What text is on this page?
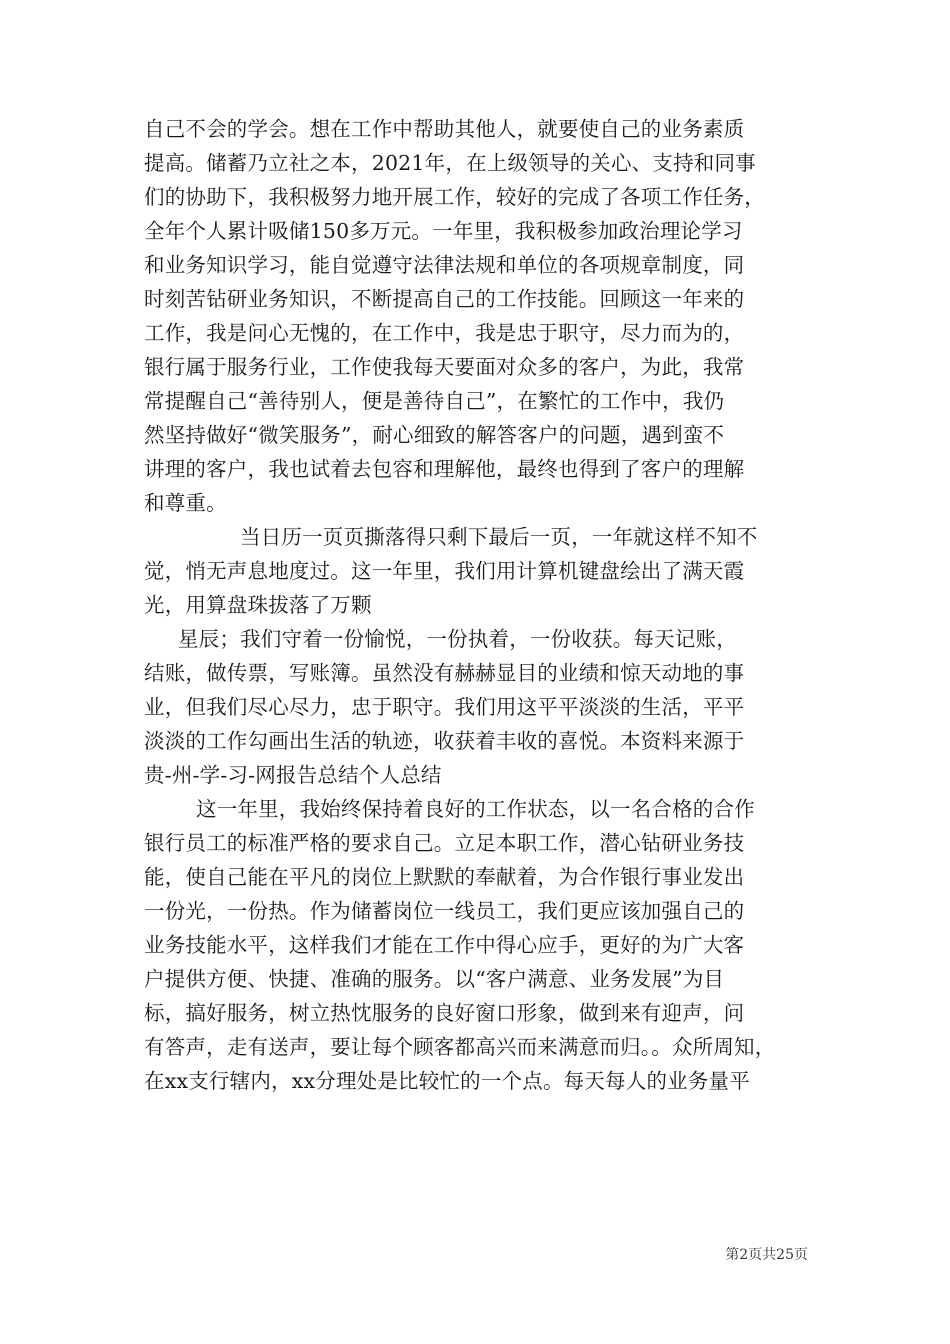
自己不会的学会。想在工作中帮助其他人，就要使自己的业务素质
提高。储蓄乃立社之本，2021年，在上级领导的关心、支持和同事
们的协助下，我积极努力地开展工作，较好的完成了各项工作任务，
全年个人累计吸储150多万元。一年里，我积极参加政治理论学习
和业务知识学习，能自觉遵守法律法规和单位的各项规章制度，同
时刻苦钻研业务知识，不断提高自己的工作技能。回顾这一年来的
工作，我是问心无愧的，在工作中，我是忠于职守，尽力而为的，
银行属于服务行业，工作使我每天要面对众多的客户，为此，我常
常提醒自己“善待别人，便是善待自己”，在繁忙的工作中，我仍
然坚持做好“微笑服务”，耐心细致的解答客户的问题，遇到蛮不
讲理的客户，我也试着去包容和理解他，最终也得到了客户的理解
和尊重。
当日历一页页撕落得只剩下最后一页，一年就这样不知不
觉，悄无声息地度过。这一年里，我们用计算机键盘绘出了满天霞
光，用算盘珠拔落了万颗
星辰；我们守着一份愉悦，一份执着，一份收获。每天记账，
结账，做传票，写账簿。虽然没有赫赫显目的业绩和惊天动地的事
业，但我们尽心尽力，忠于职守。我们用这平平淡淡的生活，平平
淡淡的工作勾画出生活的轨迹，收获着丰收的喜悦。本资料来源于
贵-州-学-习-网报告总结个人总结
这一年里，我始终保持着良好的工作状态，以一名合格的合作
银行员工的标准严格的要求自己。立足本职工作，潜心钻研业务技
能，使自己能在平凡的岗位上默默的奉献着，为合作银行事业发出
一份光，一份热。作为储蓄岗位一线员工，我们更应该加强自己的
业务技能水平，这样我们才能在工作中得心应手，更好的为广大客
户提供方便、快捷、准确的服务。以“客户满意、业务发展”为目
标，搞好服务，树立热忱服务的良好窗口形象，做到来有迎声，问
有答声，走有送声，要让每个顾客都高兴而来满意而归。。众所周知，
在xx支行辖内，xx分理处是比较忙的一个点。每天每人的业务量平
第2页共25页
